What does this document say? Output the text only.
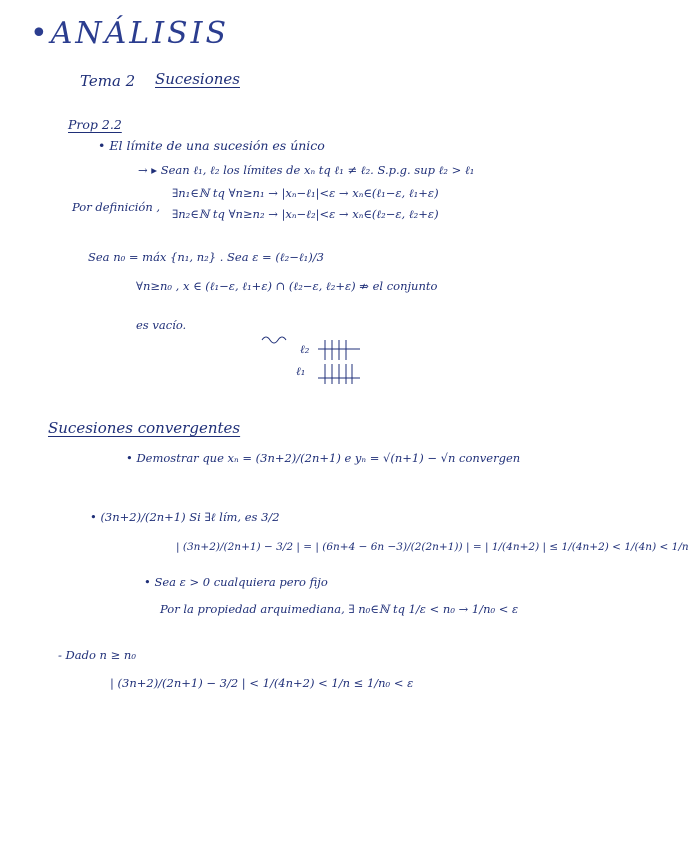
•ANÁLISIS
Tema 2 Sucesiones
Prop 2.2
• El límite de una sucesión es único
→ ▸ Sean ℓ₁, ℓ₂ los límites de xₙ tq ℓ₁ ≠ ℓ₂. S.p.g. sup ℓ₂ > ℓ₁
Por definición ,
∃n₁∈ℕ tq ∀n≥n₁ → |xₙ−ℓ₁|<ε → xₙ∈(ℓ₁−ε, ℓ₁+ε)
∃n₂∈ℕ tq ∀n≥n₂ → |xₙ−ℓ₂|<ε → xₙ∈(ℓ₂−ε, ℓ₂+ε)
Sea n₀ = máx {n₁, n₂} . Sea ε = (ℓ₂−ℓ₁)/3
∀n≥n₀ , x ∈ (ℓ₁−ε, ℓ₁+ε) ∩ (ℓ₂−ε, ℓ₂+ε) ⇏ el conjunto
es vacío.
ℓ₂
ℓ₁
Sucesiones convergentes
• Demostrar que xₙ = (3n+2)/(2n+1) e yₙ = √(n+1) − √n convergen
• (3n+2)/(2n+1) Si ∃ℓ lím, es 3/2
| (3n+2)/(2n+1) − 3/2 | = | (6n+4 − 6n −3)/(2(2n+1)) | = | 1/(4n+2) | ≤ 1/(4n+2) < 1/(4n) < 1/n
• Sea ε > 0 cualquiera pero fijo
Por la propiedad arquimediana, ∃ n₀∈ℕ tq 1/ε < n₀ → 1/n₀ < ε
- Dado n ≥ n₀
| (3n+2)/(2n+1) − 3/2 | < 1/(4n+2) < 1/n ≤ 1/n₀ < ε
